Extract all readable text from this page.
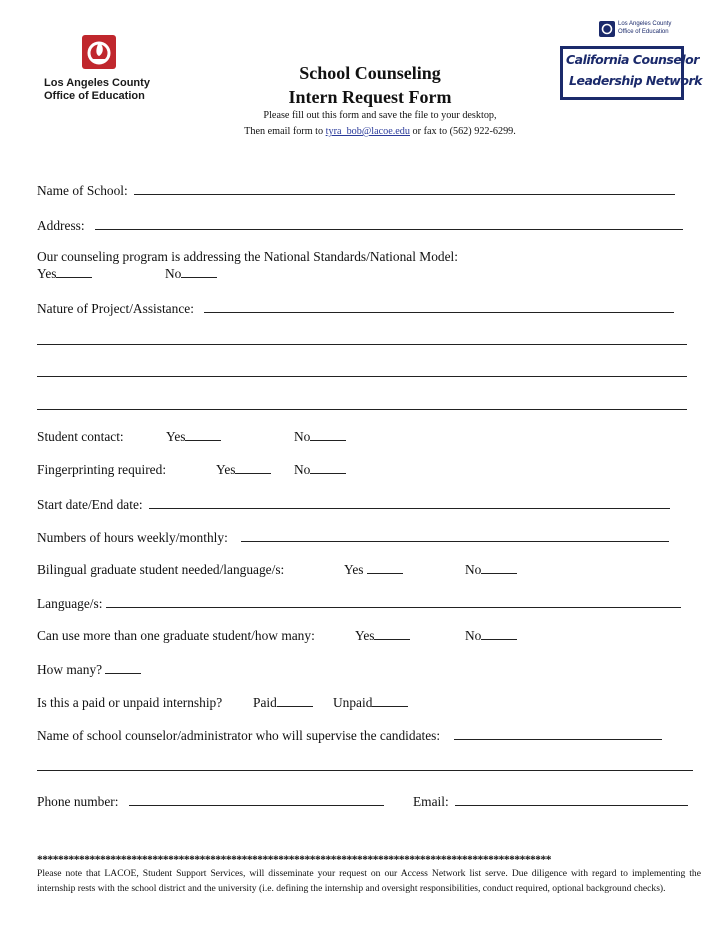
Los Angeles County
Office of Education
School Counseling
Intern Request Form
Please fill out this form and save the file to your desktop,
Then email form to tyra_bob@lacoe.edu or fax to (562) 922-6299.
Los Angeles County
Office of Education
California Counselor
Leadership Network
Name of School:
Address:
Our counseling program is addressing the National Standards/National Model:
Yes	No
Nature of Project/Assistance:
Student contact:	Yes	No
Fingerprinting required:	Yes	No
Start date/End date:
Numbers of hours weekly/monthly:
Bilingual graduate student needed/language/s:	Yes	No
Language/s:
Can use more than one graduate student/how many:	Yes	No
How many?
Is this a paid or unpaid internship? Paid	Unpaid
Name of school counselor/administrator who will supervise the candidates:
Phone number:	Email:
**************************************************************************************************
Please note that LACOE, Student Support Services, will disseminate your request on our Access Network list serve. Due diligence with regard to implementing the internship rests with the school district and the university (i.e. defining the internship and oversight responsibilities, conduct required, optional background checks).
